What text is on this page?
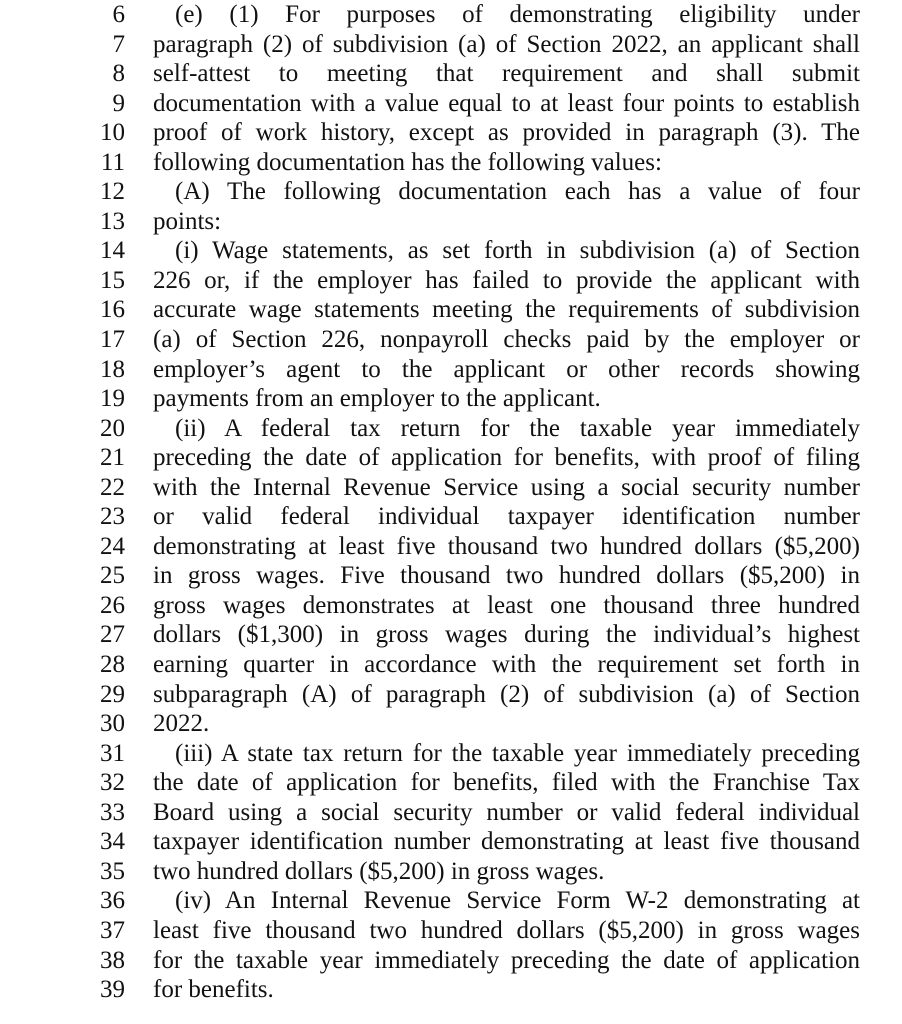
6 (e) (1) For purposes of demonstrating eligibility under
7 paragraph (2) of subdivision (a) of Section 2022, an applicant shall
8 self-attest to meeting that requirement and shall submit
9 documentation with a value equal to at least four points to establish
10 proof of work history, except as provided in paragraph (3). The
11 following documentation has the following values:
12 (A) The following documentation each has a value of four
13 points:
14 (i) Wage statements, as set forth in subdivision (a) of Section
15 226 or, if the employer has failed to provide the applicant with
16 accurate wage statements meeting the requirements of subdivision
17 (a) of Section 226, nonpayroll checks paid by the employer or
18 employer’s agent to the applicant or other records showing
19 payments from an employer to the applicant.
20 (ii) A federal tax return for the taxable year immediately
21 preceding the date of application for benefits, with proof of filing
22 with the Internal Revenue Service using a social security number
23 or valid federal individual taxpayer identification number
24 demonstrating at least five thousand two hundred dollars ($5,200)
25 in gross wages. Five thousand two hundred dollars ($5,200) in
26 gross wages demonstrates at least one thousand three hundred
27 dollars ($1,300) in gross wages during the individual’s highest
28 earning quarter in accordance with the requirement set forth in
29 subparagraph (A) of paragraph (2) of subdivision (a) of Section
30 2022.
31 (iii) A state tax return for the taxable year immediately preceding
32 the date of application for benefits, filed with the Franchise Tax
33 Board using a social security number or valid federal individual
34 taxpayer identification number demonstrating at least five thousand
35 two hundred dollars ($5,200) in gross wages.
36 (iv) An Internal Revenue Service Form W-2 demonstrating at
37 least five thousand two hundred dollars ($5,200) in gross wages
38 for the taxable year immediately preceding the date of application
39 for benefits.
